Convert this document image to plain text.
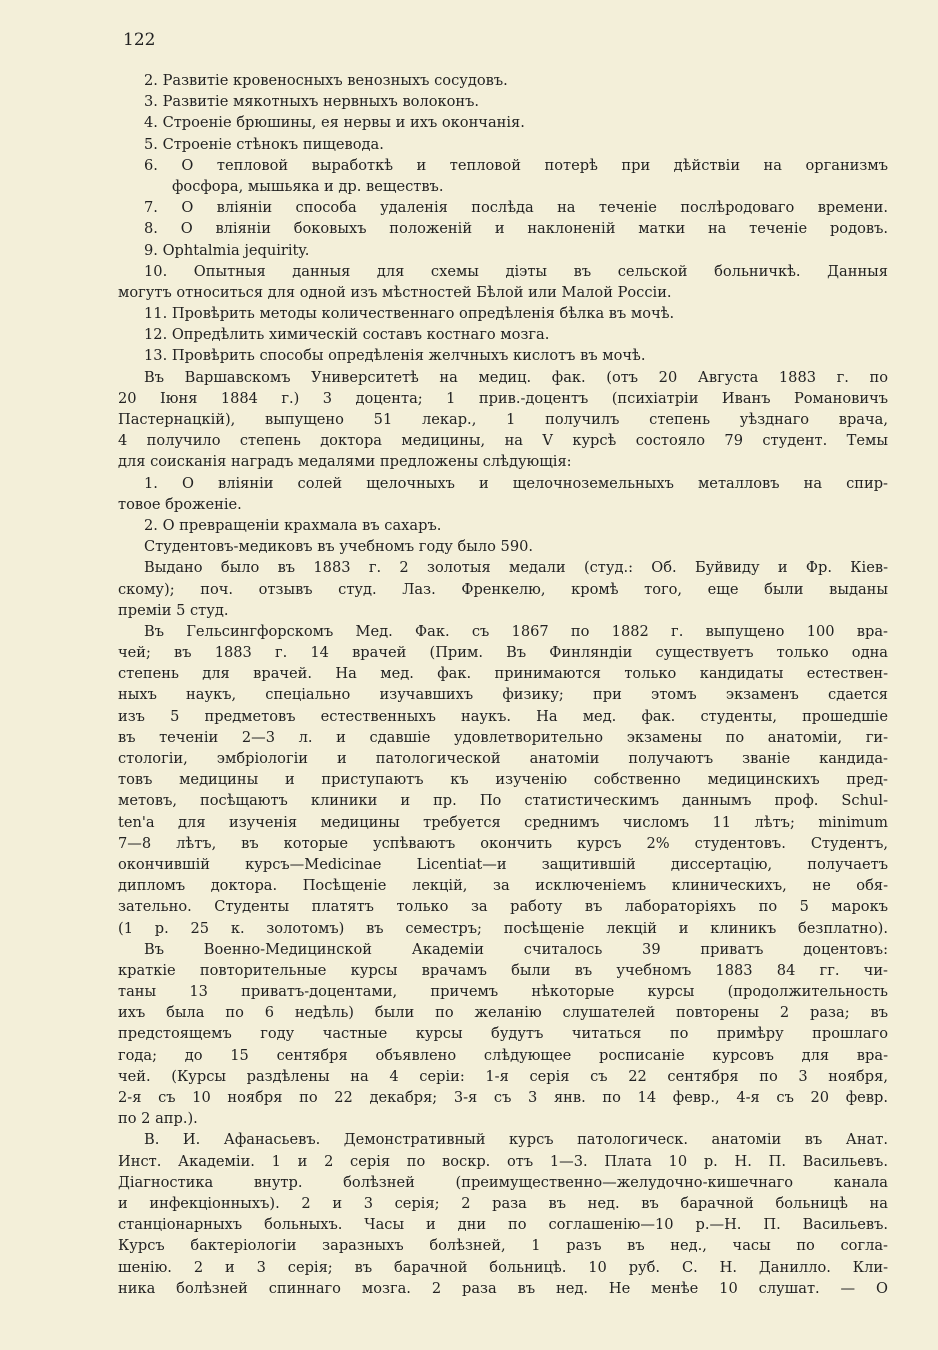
122
2. Развитіе кровеносныхъ венозныхъ сосудовъ.
3. Развитіе мякотныхъ нервныхъ волоконъ.
4. Строеніе брюшины, ея нервы и ихъ окончанія.
5. Строеніе стѣнокъ пищевода.
6. О тепловой выработкѣ и тепловой потерѣ при дѣйствіи на организмъ
фосфора, мышьяка и др. веществъ.
7. О вліяніи способа удаленія послѣда на теченіе послѣродоваго времени.
8. О вліяніи боковыхъ положеній и наклоненій матки на теченіе родовъ.
9. Ophtalmia jequirity.
10. Опытныя данныя для схемы діэты въ сельской больничкѣ. Данныя
могутъ относиться для одной изъ мѣстностей Бѣлой или Малой Россіи.
11. Провѣрить методы количественнаго опредѣленія бѣлка въ мочѣ.
12. Опредѣлить химическій составъ костнаго мозга.
13. Провѣрить способы опредѣленія желчныхъ кислотъ въ мочѣ.
Въ Варшавскомъ Университетѣ на медиц. фак. (отъ 20 Августа 1883 г. по
20 Іюня 1884 г.) 3 доцента; 1 прив.-доцентъ (психіатріи Иванъ Романовичъ
Пастернацкій), выпущено 51 лекар., 1 получилъ степень уѣзднаго врача,
4 получило степень доктора медицины, на V курсѣ состояло 79 студент. Темы
для соисканія наградъ медалями предложены слѣдующія:
1. О вліяніи солей щелочныхъ и щелочноземельныхъ металловъ на спир-
товое броженіе.
2. О превращеніи крахмала въ сахаръ.
Студентовъ-медиковъ въ учебномъ году было 590.
Выдано было въ 1883 г. 2 золотыя медали (студ.: Об. Буйвиду и Фр. Кіев-
скому); поч. отзывъ студ. Лаз. Френкелю, кромѣ того, еще были выданы
преміи 5 студ.
Въ Гельсингфорскомъ Мед. Фак. съ 1867 по 1882 г. выпущено 100 вра-
чей; въ 1883 г. 14 врачей (Прим. Въ Финляндіи существуетъ только одна
степень для врачей. На мед. фак. принимаются только кандидаты естествен-
ныхъ наукъ, спеціально изучавшихъ физику; при этомъ экзаменъ сдается
изъ 5 предметовъ естественныхъ наукъ. На мед. фак. студенты, прошедшіе
въ теченіи 2—3 л. и сдавшіе удовлетворительно экзамены по анатоміи, ги-
стологіи, эмбріологіи и патологической анатоміи получаютъ званіе кандида-
товъ медицины и приступаютъ къ изученію собственно медицинскихъ пред-
метовъ, посѣщаютъ клиники и пр. По статистическимъ даннымъ проф. Schul-
ten'a для изученія медицины требуется среднимъ числомъ 11 лѣтъ; minimum
7—8 лѣтъ, въ которые успѣваютъ окончить курсъ 2% студентовъ. Студентъ,
окончившій курсъ—Medicinae Licentiat—и защитившій диссертацію, получаетъ
дипломъ доктора. Посѣщеніе лекцій, за исключеніемъ клиническихъ, не обя-
зательно. Студенты платятъ только за работу въ лабораторіяхъ по 5 марокъ
(1 р. 25 к. золотомъ) въ семестръ; посѣщеніе лекцій и клиникъ безплатно).
Въ Военно-Медицинской Академіи считалось 39 приватъ доцентовъ:
краткіе повторительные курсы врачамъ были въ учебномъ 1883 84 гг. чи-
таны 13 приватъ-доцентами, причемъ нѣкоторые курсы (продолжительность
ихъ была по 6 недѣль) были по желанію слушателей повторены 2 раза; въ
предстоящемъ году частные курсы будутъ читаться по примѣру прошлаго
года; до 15 сентября объявлено слѣдующее росписаніе курсовъ для вра-
чей. (Курсы раздѣлены на 4 серіи: 1-я серія съ 22 сентября по 3 ноября,
2-я съ 10 ноября по 22 декабря; 3-я съ 3 янв. по 14 февр., 4-я съ 20 февр.
по 2 апр.).
В. И. Афанасьевъ. Демонстративный курсъ патологическ. анатоміи въ Анат.
Инст. Академіи. 1 и 2 серія по воскр. отъ 1—3. Плата 10 р. Н. П. Васильевъ.
Діагностика внутр. болѣзней (преимущественно—желудочно-кишечнаго канала
и инфекціонныхъ). 2 и 3 серія; 2 раза въ нед. въ барачной больницѣ на
станціонарныхъ больныхъ. Часы и дни по соглашенію—10 р.—Н. П. Васильевъ.
Курсъ бактеріологіи заразныхъ болѣзней, 1 разъ въ нед., часы по согла-
шенію. 2 и 3 серія; въ барачной больницѣ. 10 руб. С. Н. Данилло. Кли-
ника болѣзней спиннаго мозга. 2 раза въ нед. Не менѣе 10 слушат. — О
